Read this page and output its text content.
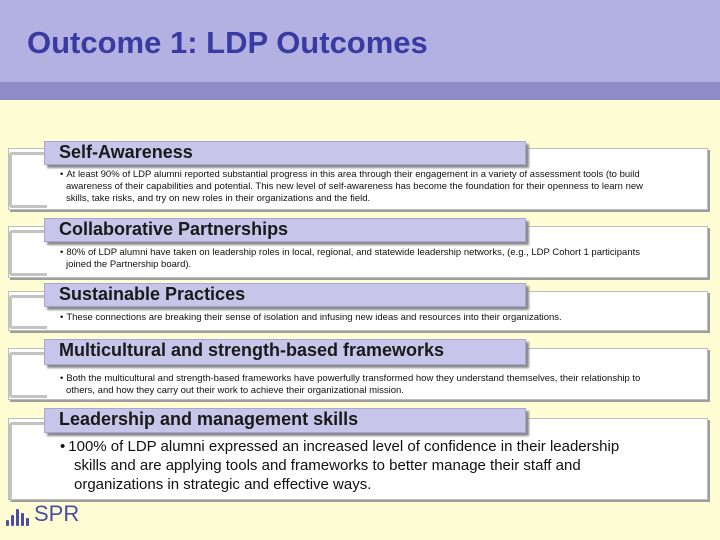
Outcome 1: LDP Outcomes
Self-Awareness
• At least 90% of LDP alumni reported substantial progress in this area through their engagement in a variety of assessment tools (to build awareness of their capabilities and potential. This new level of self-awareness has become the foundation for their openness to learn new skills, take risks, and try on new roles in their organizations and the field.
Collaborative Partnerships
• 80% of LDP alumni have taken on leadership roles in local, regional, and statewide leadership networks, (e.g., LDP Cohort 1 participants joined the Partnership board).
Sustainable Practices
• These connections are breaking their sense of isolation and infusing new ideas and resources into their organizations.
Multicultural and strength-based frameworks
• Both the multicultural and strength-based frameworks have powerfully transformed how they understand themselves, their relationship to others, and how they carry out their work to achieve their organizational mission.
Leadership and management skills
• 100% of LDP alumni expressed an increased level of confidence in their leadership skills and are applying tools and frameworks to better manage their staff and organizations in strategic and effective ways.
SPR
